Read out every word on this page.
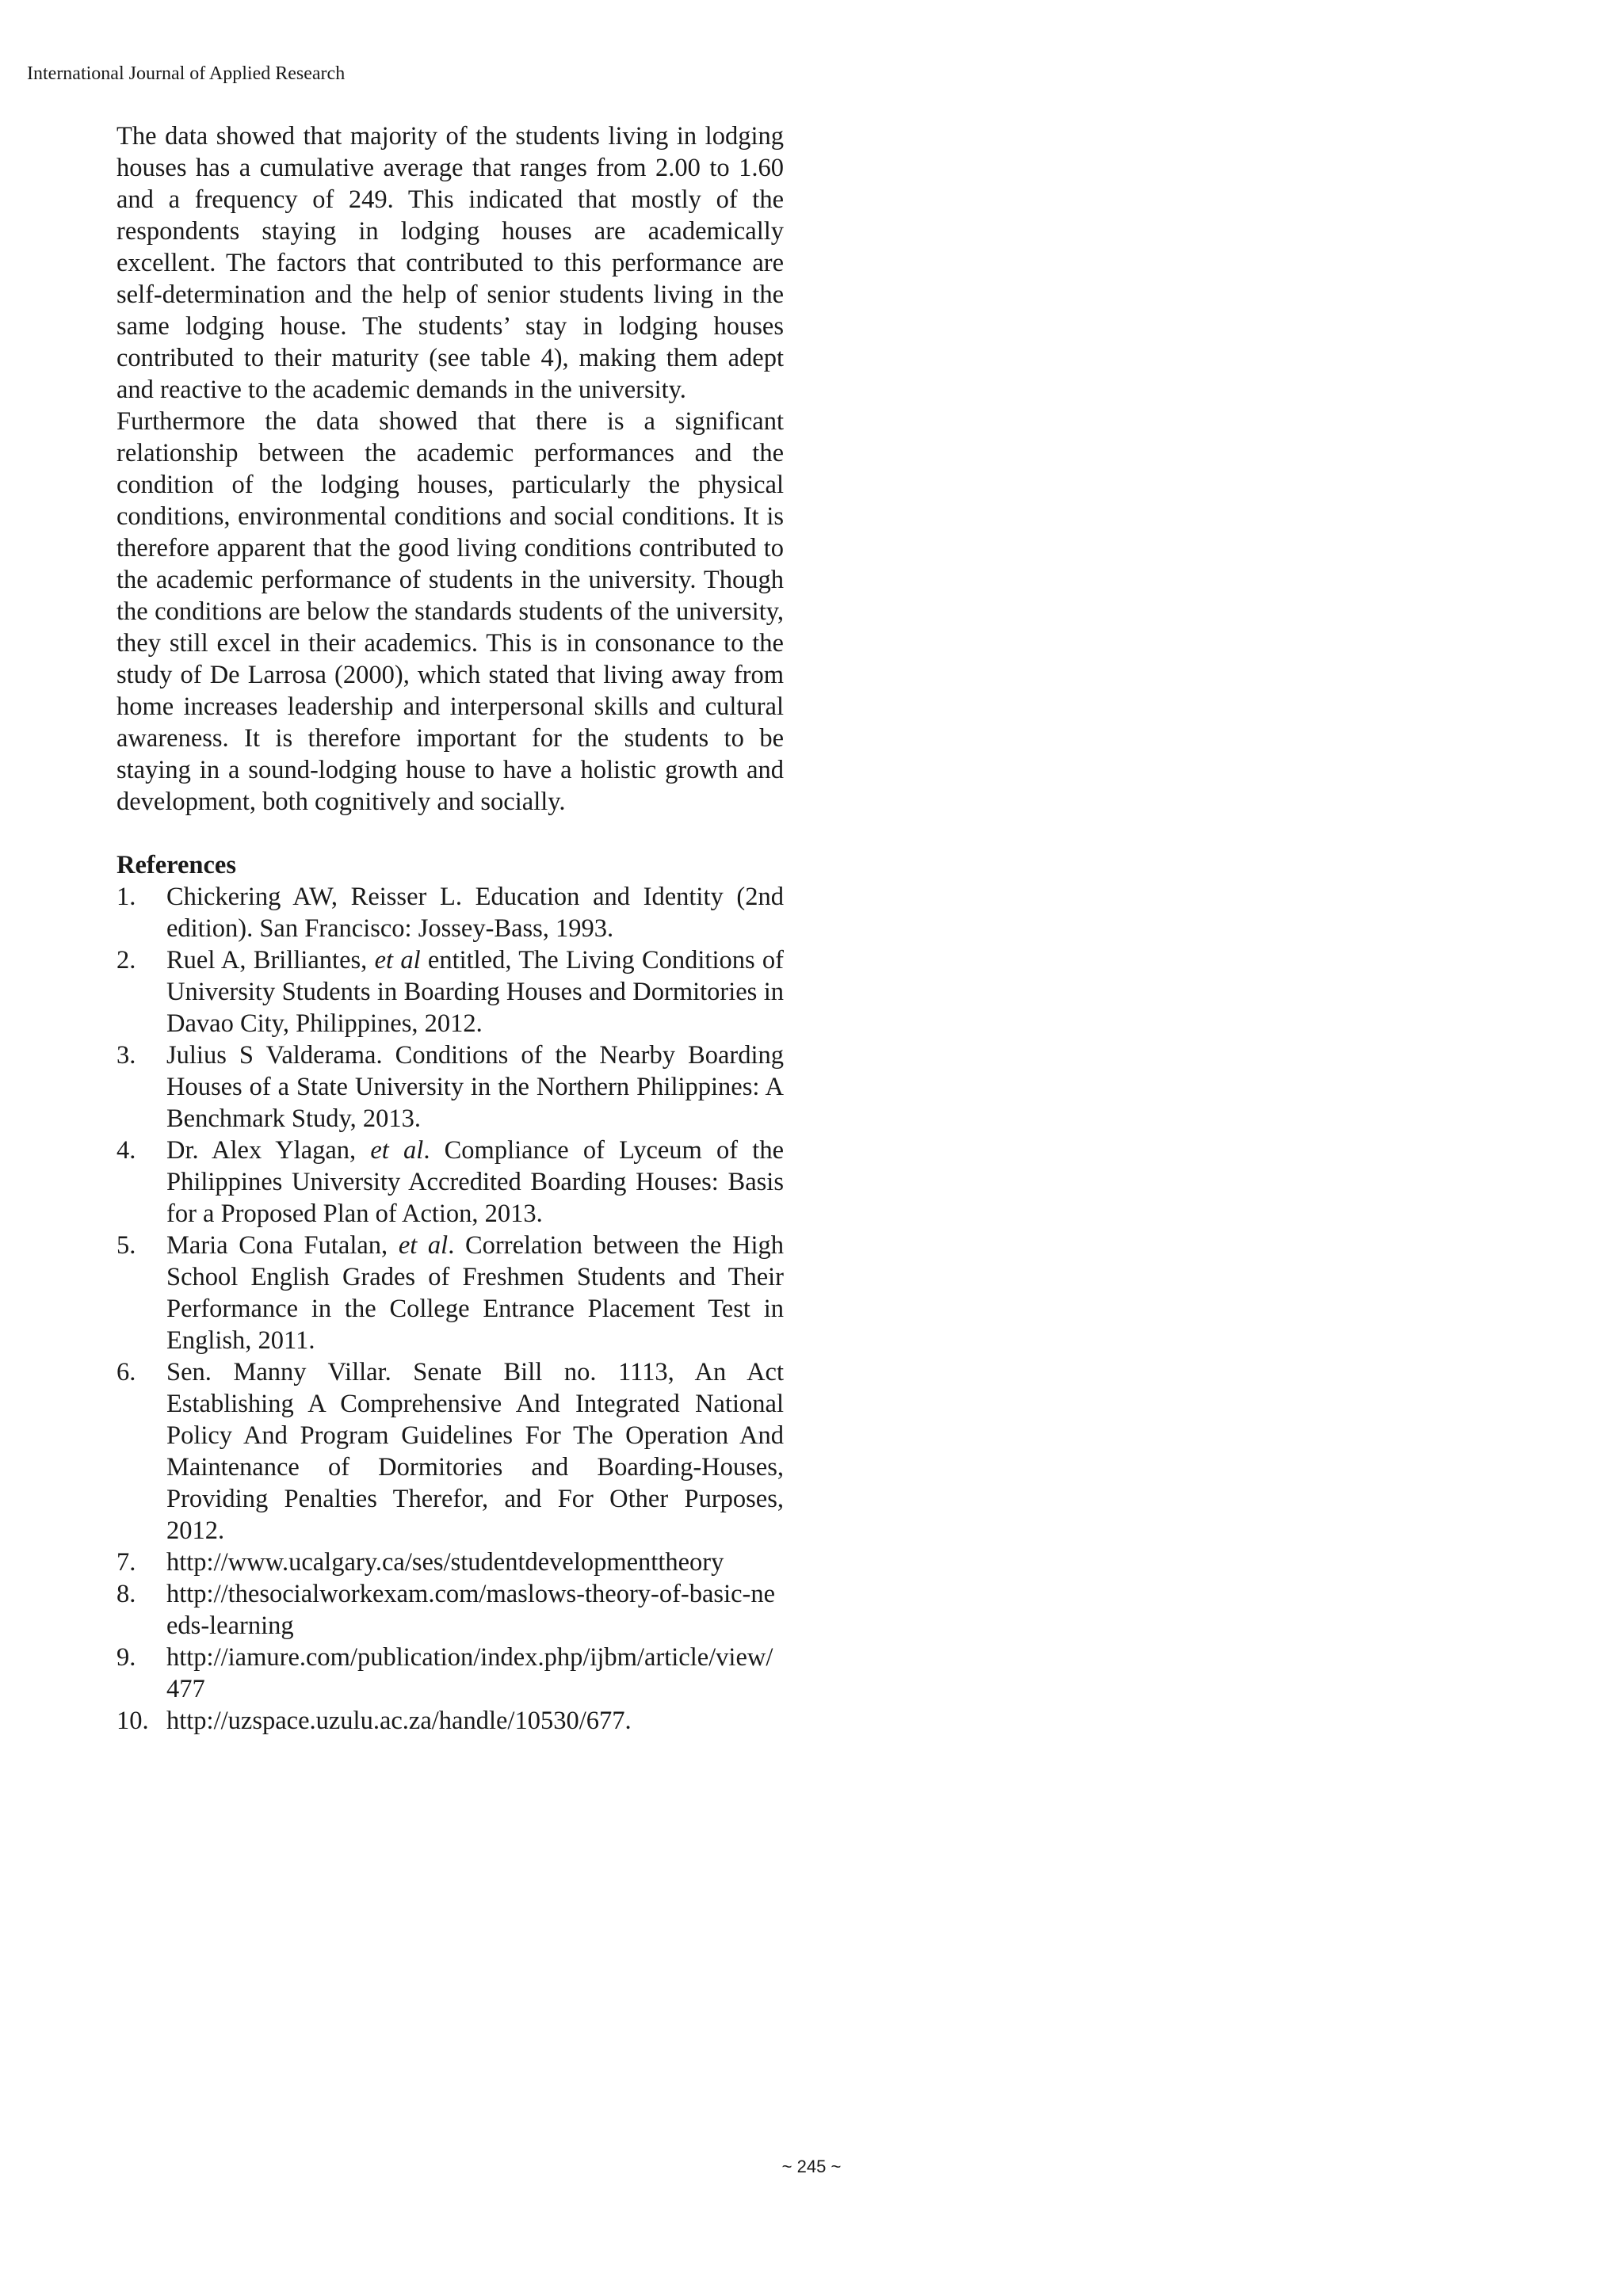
International Journal of Applied Research

The data showed that majority of the students living in lodging houses has a cumulative average that ranges from 2.00 to 1.60 and a frequency of 249. This indicated that mostly of the respondents staying in lodging houses are academically excellent. The factors that contributed to this performance are self-determination and the help of senior students living in the same lodging house. The students’ stay in lodging houses contributed to their maturity (see table 4), making them adept and reactive to the academic demands in the university.

Furthermore the data showed that there is a significant relationship between the academic performances and the condition of the lodging houses, particularly the physical conditions, environmental conditions and social conditions. It is therefore apparent that the good living conditions contributed to the academic performance of students in the university. Though the conditions are below the standards students of the university, they still excel in their academics. This is in consonance to the study of De Larrosa (2000), which stated that living away from home increases leadership and interpersonal skills and cultural awareness. It is therefore important for the students to be staying in a sound-lodging house to have a holistic growth and development, both cognitively and socially.

References
1.	Chickering AW, Reisser L. Education and Identity (2nd edition). San Francisco: Jossey-Bass, 1993.
2.	Ruel A, Brilliantes, et al entitled, The Living Conditions of University Students in Boarding Houses and Dormitories in Davao City, Philippines, 2012.
3.	Julius S Valderama. Conditions of the Nearby Boarding Houses of a State University in the Northern Philippines: A Benchmark Study, 2013.
4.	Dr. Alex Ylagan, et al. Compliance of Lyceum of the Philippines University Accredited Boarding Houses: Basis for a Proposed Plan of Action, 2013.
5.	Maria Cona Futalan, et al. Correlation between the High School English Grades of Freshmen Students and Their Performance in the College Entrance Placement Test in English, 2011.
6.	Sen. Manny Villar. Senate Bill no. 1113, An Act Establishing A Comprehensive And Integrated National Policy And Program Guidelines For The Operation And Maintenance of Dormitories and Boarding-Houses, Providing Penalties Therefor, and For Other Purposes, 2012.
7.	http://www.ucalgary.ca/ses/studentdevelopmenttheory
8.	http://thesocialworkexam.com/maslows-theory-of-basic-needs-learning
9.	http://iamure.com/publication/index.php/ijbm/article/view/477
10. http://uzspace.uzulu.ac.za/handle/10530/677.
~ 245 ~
